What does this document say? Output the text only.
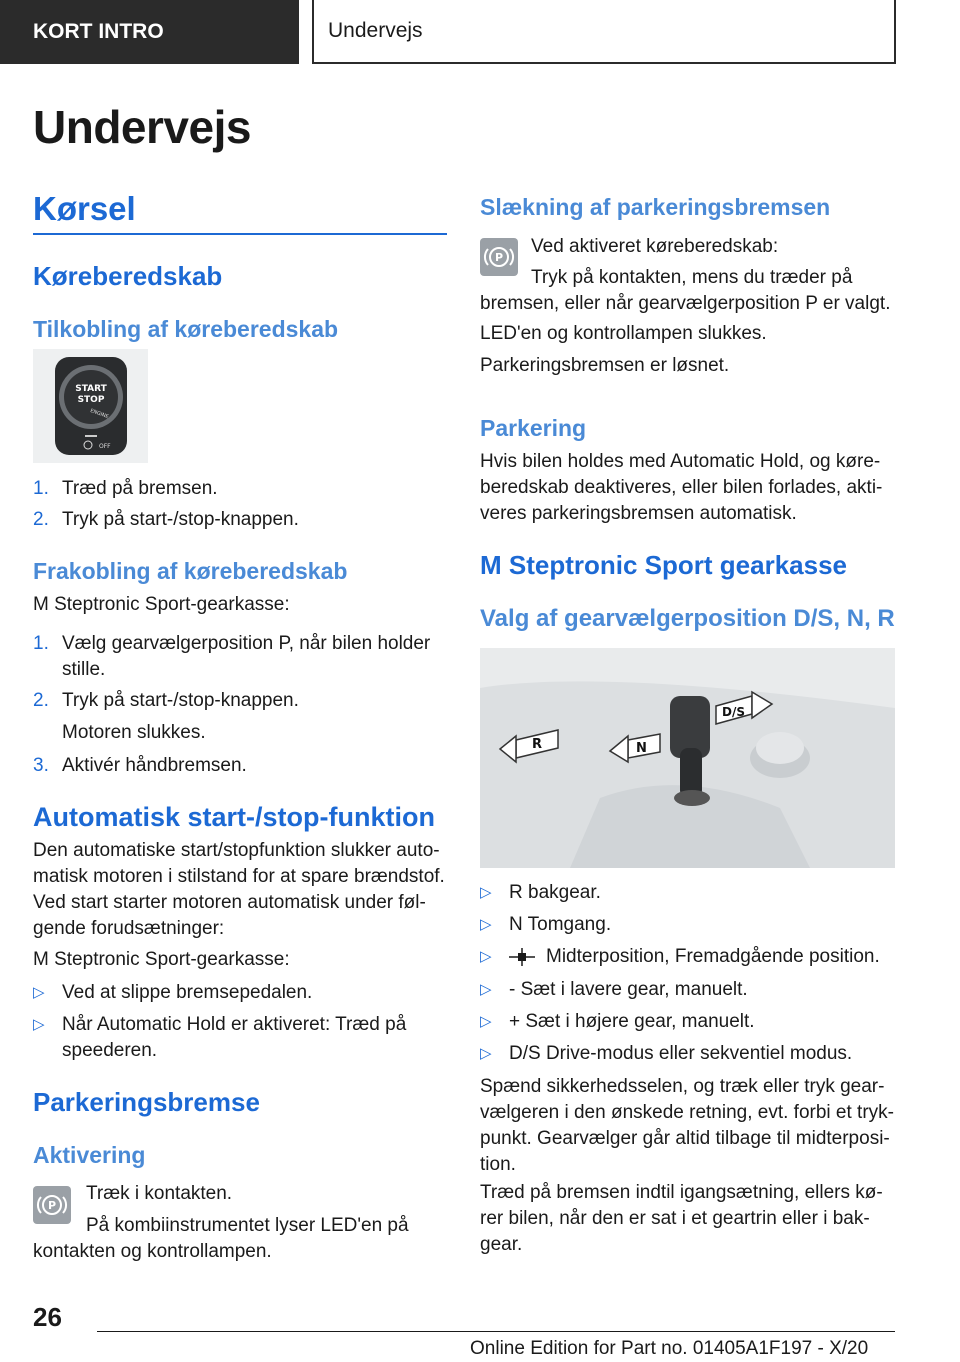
KORT INTRO	Undervejs
Undervejs
Kørsel
Køreberedskab
Tilkobling af køreberedskab
START
STOP
ENGINE
OFF
1. Træd på bremsen.
2. Tryk på start-/stop-knappen.
Frakobling af køreberedskab
M Steptronic Sport-gearkasse:
1. Vælg gearvælgerposition P, når bilen holder
stille.
2. Tryk på start-/stop-knappen.
Motoren slukkes.
3. Aktivér håndbremsen.
Automatisk start-/stop-funktion
Den automatiske start/stopfunktion slukker auto-
matisk motoren i stilstand for at spare brændstof.
Ved start starter motoren automatisk under føl-
gende forudsætninger:
M Steptronic Sport-gearkasse:
▷ Ved at slippe bremsepedalen.
▷ Når Automatic Hold er aktiveret: Træd på
speederen.
Parkeringsbremse
Aktivering
P
Træk i kontakten.
På kombiinstrumentet lyser LED'en på
kontakten og kontrollampen.
Slækning af parkeringsbremsen
P
Ved aktiveret køreberedskab:
Tryk på kontakten, mens du træder på
bremsen, eller når gearvælgerposition P er valgt.
LED'en og kontrollampen slukkes.
Parkeringsbremsen er løsnet.
Parkering
Hvis bilen holdes med Automatic Hold, og køre-
beredskab deaktiveres, eller bilen forlades, akti-
veres parkeringsbremsen automatisk.
M Steptronic Sport gearkasse
Valg af gearvælgerposition D/S, N, R
R	N
D/S
▷ R bakgear.
▷ N Tomgang.
▷	Midterposition, Fremadgående position.
▷ - Sæt i lavere gear, manuelt.
▷ + Sæt i højere gear, manuelt.
▷ D/S Drive-modus eller sekventiel modus.
Spænd sikkerhedsselen, og træk eller tryk gear-
vælgeren i den ønskede retning, evt. forbi et tryk-
punkt. Gearvælger går altid tilbage til midterposi-
tion.
Træd på bremsen indtil igangsætning, ellers kø-
rer bilen, når den er sat i et geartrin eller i bak-
gear.
26
Online Edition for Part no. 01405A1F197 - X/20
